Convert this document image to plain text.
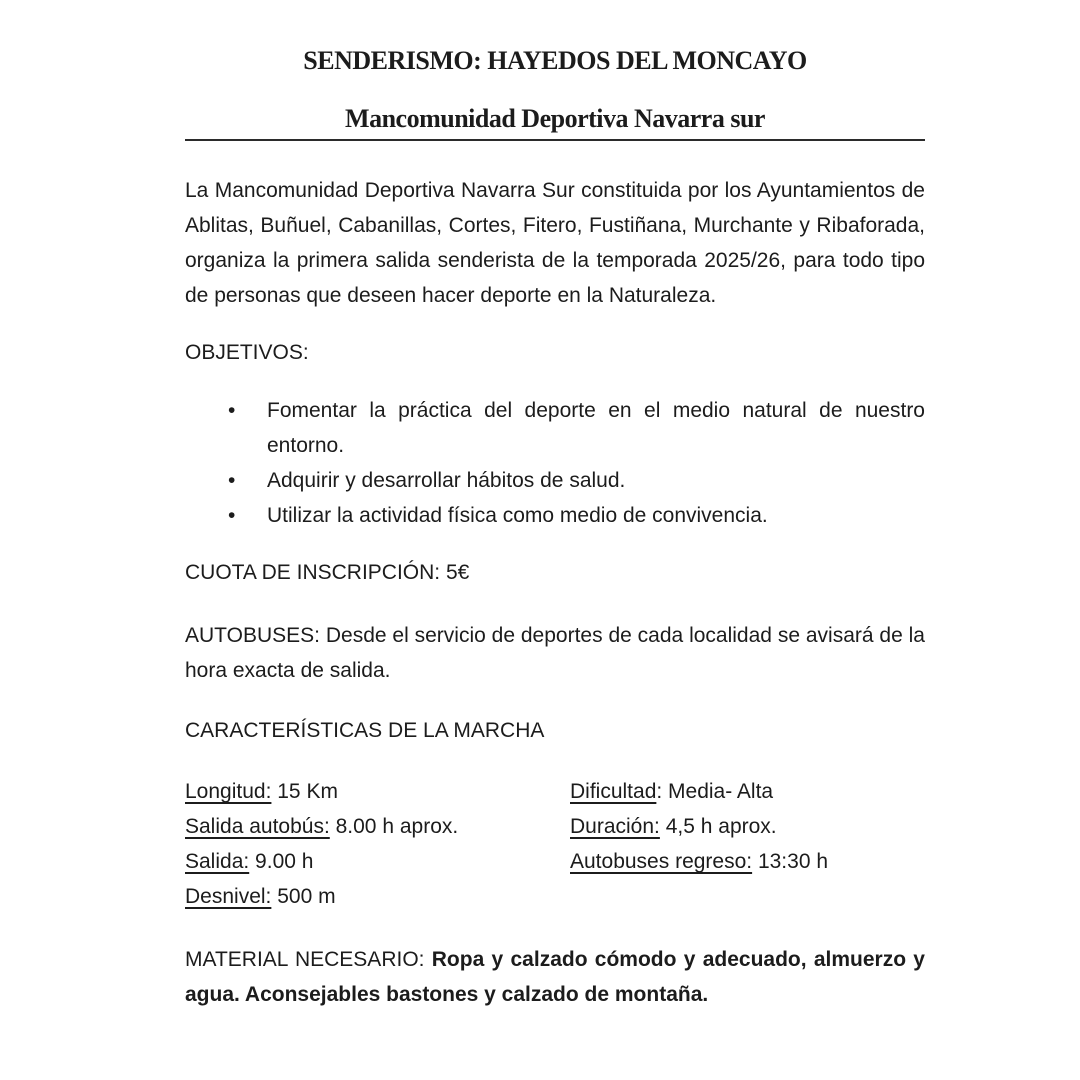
SENDERISMO: HAYEDOS DEL MONCAYO
Mancomunidad Deportiva Navarra sur

La Mancomunidad Deportiva Navarra Sur constituida por los Ayuntamientos de Ablitas, Buñuel, Cabanillas, Cortes, Fitero, Fustiñana, Murchante y Ribaforada, organiza la primera salida senderista de la temporada 2025/26, para todo tipo de personas que deseen hacer deporte en la Naturaleza.

OBJETIVOS:

• Fomentar la práctica del deporte en el medio natural de nuestro entorno.
• Adquirir y desarrollar hábitos de salud.
• Utilizar la actividad física como medio de convivencia.

CUOTA DE INSCRIPCIÓN: 5€

AUTOBUSES: Desde el servicio de deportes de cada localidad se avisará de la hora exacta de salida.

CARACTERÍSTICAS DE LA MARCHA

Longitud: 15 Km
Salida autobús: 8.00 h aprox.
Salida: 9.00 h
Desnivel: 500 m
Dificultad: Media- Alta
Duración: 4,5 h aprox.
Autobuses regreso: 13:30 h

MATERIAL NECESARIO: Ropa y calzado cómodo y adecuado, almuerzo y agua. Aconsejables bastones y calzado de montaña.
